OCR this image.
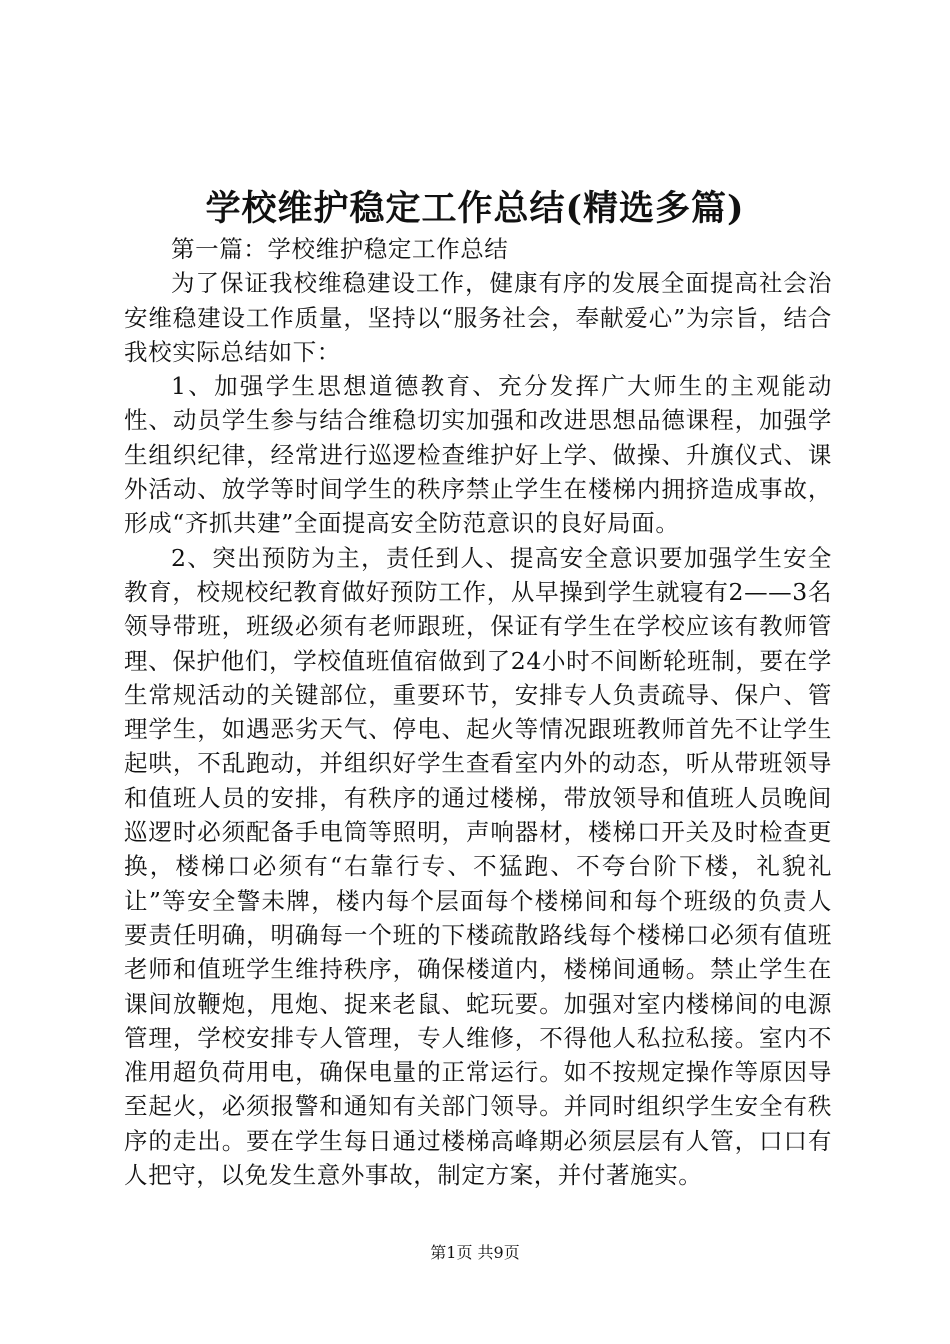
学校维护稳定工作总结(精选多篇)

第一篇：学校维护稳定工作总结

为了保证我校维稳建设工作，健康有序的发展全面提高社会治安维稳建设工作质量，坚持以“服务社会，奉献爱心”为宗旨，结合我校实际总结如下：

1、加强学生思想道德教育、充分发挥广大师生的主观能动性、动员学生参与结合维稳切实加强和改进思想品德课程，加强学生组织纪律，经常进行巡逻检查维护好上学、做操、升旗仪式、课外活动、放学等时间学生的秩序禁止学生在楼梯内拥挤造成事故，形成“齐抓共建”全面提高安全防范意识的良好局面。

2、突出预防为主，责任到人、提高安全意识要加强学生安全教育，校规校纪教育做好预防工作，从早操到学生就寝有2——3名领导带班，班级必须有老师跟班，保证有学生在学校应该有教师管理、保护他们，学校值班值宿做到了24小时不间断轮班制，要在学生常规活动的关键部位，重要环节，安排专人负责疏导、保户、管理学生，如遇恶劣天气、停电、起火等情况跟班教师首先不让学生起哄，不乱跑动，并组织好学生查看室内外的动态，听从带班领导和值班人员的安排，有秩序的通过楼梯，带放领导和值班人员晚间巡逻时必须配备手电筒等照明，声响器材，楼梯口开关及时检查更换，楼梯口必须有“右靠行专、不猛跑、不夸台阶下楼，礼貌礼让”等安全警未牌，楼内每个层面每个楼梯间和每个班级的负责人要责任明确，明确每一个班的下楼疏散路线每个楼梯口必须有值班老师和值班学生维持秩序，确保楼道内，楼梯间通畅。禁止学生在课间放鞭炮，甩炮、捉来老鼠、蛇玩要。加强对室内楼梯间的电源管理，学校安排专人管理，专人维修，不得他人私拉私接。室内不准用超负荷用电，确保电量的正常运行。如不按规定操作等原因导至起火，必须报警和通知有关部门领导。并同时组织学生安全有秩序的走出。要在学生每日通过楼梯高峰期必须层层有人管，口口有人把守，以免发生意外事故，制定方案，并付著施实。

第1页 共9页
